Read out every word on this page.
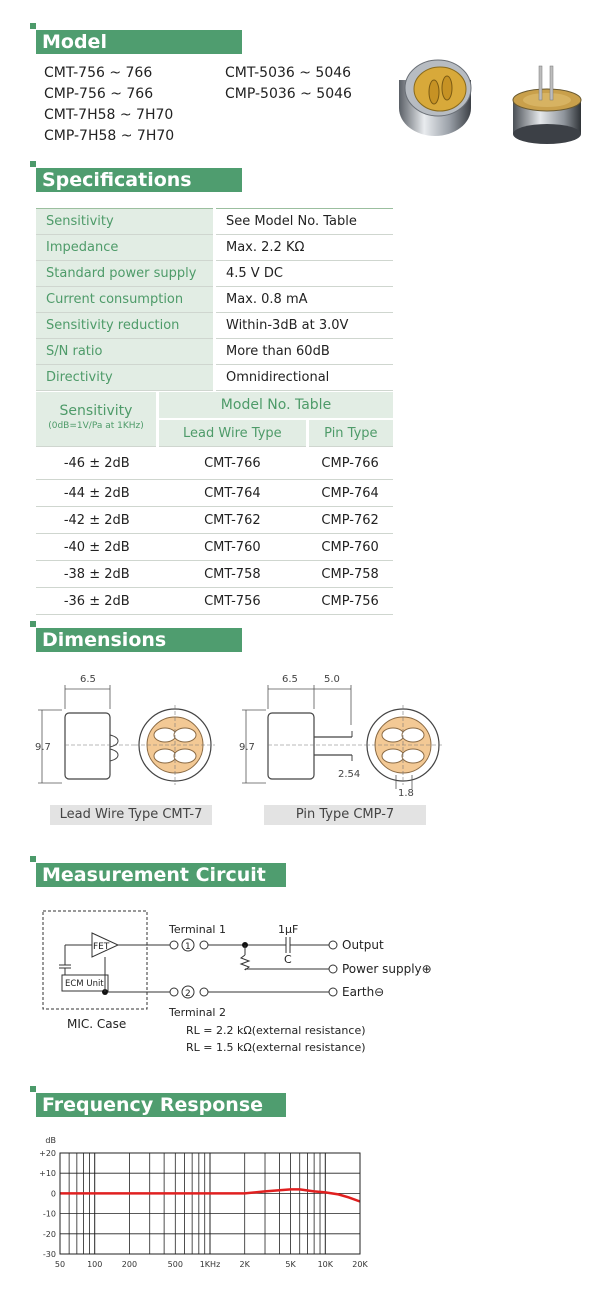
Model
CMT-756 ~ 766
CMP-756 ~ 766
CMT-7H58 ~ 7H70
CMP-7H58 ~ 7H70
CMT-5036 ~ 5046
CMP-5036 ~ 5046
Specifications
Sensitivity	See Model No. Table
Impedance	Max. 2.2 KΩ
Standard power supply	4.5 V DC
Current consumption	Max. 0.8 mA
Sensitivity reduction	Within-3dB at 3.0V
S/N ratio	More than 60dB
Directivity	Omnidirectional
Sensitivity
(0dB=1V/Pa at 1KHz)	Model No. Table	
	Lead Wire Type	Pin Type
-46 ± 2dB	CMT-766	CMP-766
-44 ± 2dB	CMT-764	CMP-764
-42 ± 2dB	CMT-762	CMP-762
-40 ± 2dB	CMT-760	CMP-760
-38 ± 2dB	CMT-758	CMP-758
-36 ± 2dB	CMT-756	CMP-756
Dimensions
6.5
9.7
Lead Wire Type CMT-7
6.5	5.0
9.7
2.54
1.8
Pin Type CMP-7
Measurement Circuit
FET
ECM Unit
MIC. Case
Terminal 1
1
1μF
C
Output
Power supply⊕
2	Earth⊖
Terminal 2
RL = 2.2 kΩ(external resistance)
RL = 1.5 kΩ(external resistance)
Frequency Response
+20
+10
0
-10
-20
-30
dB
50	100 200	500 1KHz 2K	5K	10K 20K
